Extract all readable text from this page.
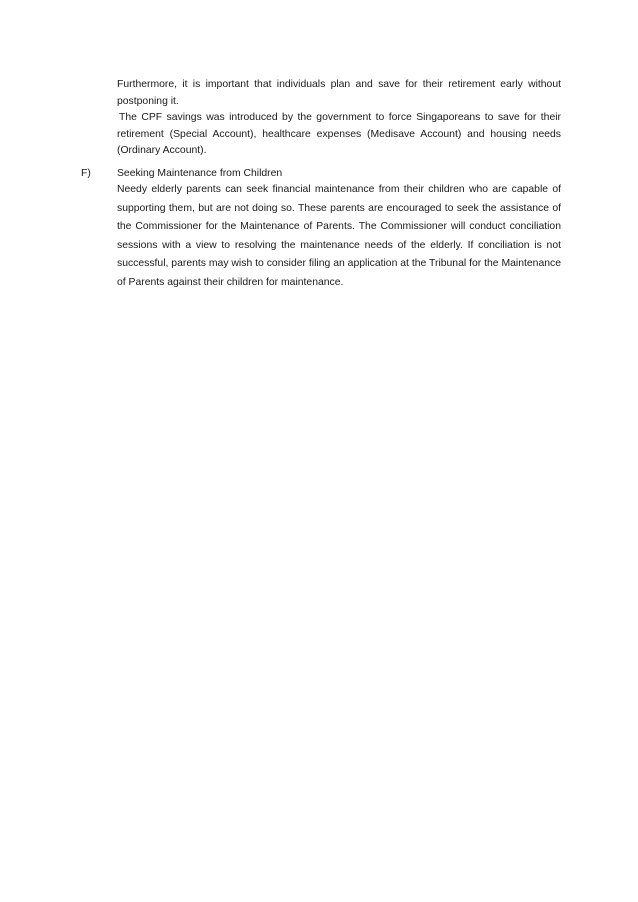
Furthermore, it is important that individuals plan and save for their retirement early without postponing it.

The CPF savings was introduced by the government to force Singaporeans to save for their retirement (Special Account), healthcare expenses (Medisave Account) and housing needs (Ordinary Account).

F)	Seeking Maintenance from Children

Needy elderly parents can seek financial maintenance from their children who are capable of supporting them, but are not doing so. These parents are encouraged to seek the assistance of the Commissioner for the Maintenance of Parents. The Commissioner will conduct conciliation sessions with a view to resolving the maintenance needs of the elderly. If conciliation is not successful, parents may wish to consider filing an application at the Tribunal for the Maintenance of Parents against their children for maintenance.
